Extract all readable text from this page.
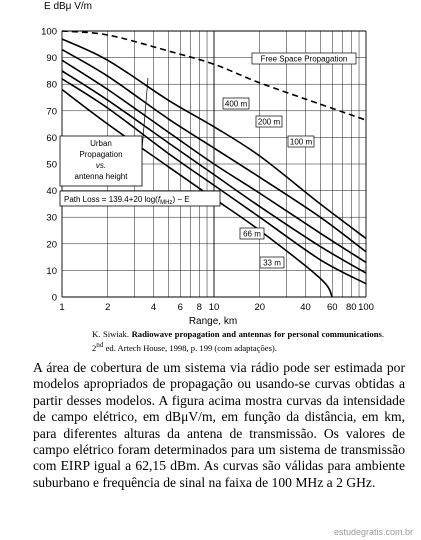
0
10
20
30
40
50
60
70
80
90
100
1	2	4 6 8 10	20	40 60 80 100
E dBμ V/m
Range, km
Free Space Propagation
400 m
200 m
100 m
66 m
33 m
Urban Propagation vs. antenna height
Path Loss = 139.4+20 $\log(f_{MHz}) - E$
K. Siwiak. Radiowave propagation and antennas for personal communications. 2nd ed. Artech House, 1998, p. 199 (com adaptações).

A área de cobertura de um sistema via rádio pode ser estimada por modelos apropriados de propagação ou usando-se curvas obtidas a partir desses modelos. A figura acima mostra curvas da intensidade de campo elétrico, em dBμV/m, em função da distância, em km, para diferentes alturas da antena de transmissão. Os valores de campo elétrico foram determinados para um sistema de transmissão com EIRP igual a 62,15 dBm. As curvas são válidas para ambiente suburbano e frequência de sinal na faixa de 100 MHz a 2 GHz.

estudegratis.com.br
